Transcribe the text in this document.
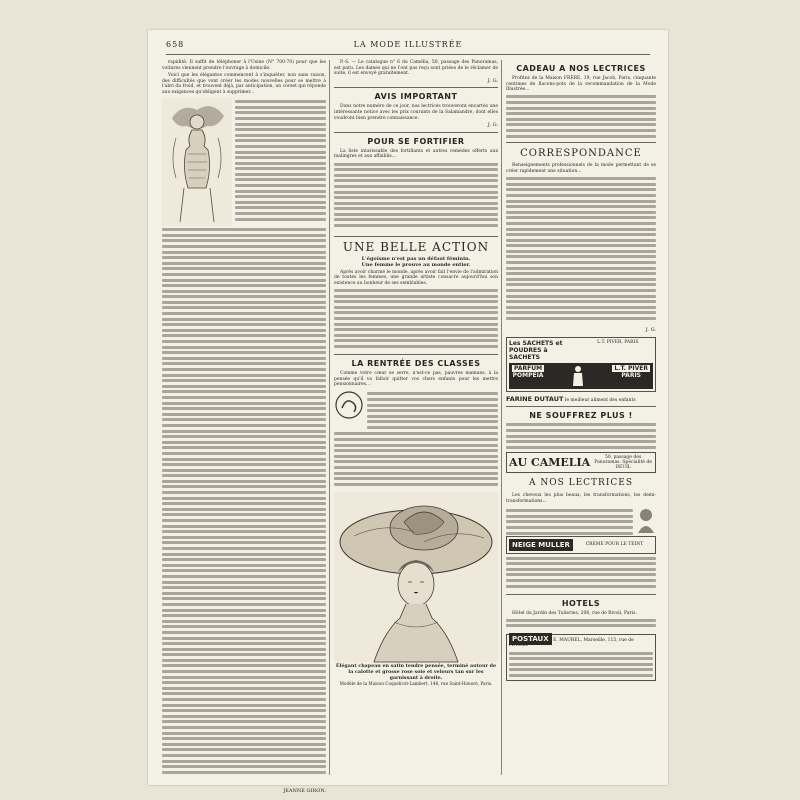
658	LA MODE ILLUSTRÉE

rapidité. Il suffit de téléphoner à l'Usine (N° 700-70) pour que les voitures viennent prendre l'ouvrage à domicile.

Voici que les élégantes commencent à s'inquiéter, non sans raison, des difficultés que vont créer les modes nouvelles pour se mettre à l'abri du froid, et trouvent déjà, par anticipation, un corset qui réponde aux exigences qu'obligent à supprimer...

JEANNE GIRON.

P.-S. — Le catalogue n° 6 du Camélia, 50, passage des Panoramas, est paru. Les dames qui ne l'ont pas reçu sont priées de le réclamer de suite, il est envoyé gratuitement.

J. G.
AVIS IMPORTANT

Dans notre numéro de ce jour, nos lectrices trouveront encartés une intéressante notice avec les prix courants de la Salamandre, dont elles voudront bien prendre connaissance.

J. G.
POUR SE FORTIFIER

La liste intarissable des fortifiants et autres remèdes offerts aux malingres et aux affaiblis...

UNE BELLE ACTION
L'égoïsme n'est pas un défaut féminin.
Une femme le prouve au monde entier.

Après avoir charmé le monde, après avoir fait l'envie de l'admiration de toutes les femmes, une grande artiste consacre aujourd'hui son existence au bonheur de ses semblables.

LA RENTRÉE DES CLASSES

Comme votre cœur se serre, n'est-ce pas, pauvres mamans, à la pensée qu'il va falloir quitter vos chers enfants pour les mettre pensionnaires...

Élégant chapeau en satin tendre pensée, terminé autour de la calotte et grosse rose soie et velours tan sur les garnissant à droite.
Modèle de la Maison Coquelicot-Lambert, 148, rue Saint-Honoré, Paris.
CADEAU A NOS LECTRICES

Profitez de la Maison FRÈRE, 19, rue Jacob, Paris, cinquante centimes de flacons-pots de la recommandation de la Mode Illustrée...

CORRESPONDANCE

Renseignements professionnels de la mode permettant de se créer rapidement une situation...

J. G.
Les SACHETS et POUDRES à SACHETS
L.T. PIVER, PARIS
PARFUM
POMPEIA
L.T. PIVER
PARIS
FARINE DUTAUT le meilleur aliment des enfants
NE SOUFFREZ PLUS !
AU CAMELIA	50, passage des Panoramas. Spécialité de DEUIL
A NOS LECTRICES

Les cheveux les plus beaux, les transformations, les demi-transformations...

NEIGE MULLER	CRÈME POUR LE TEINT
HOTELS

Hôtel du Jardin des Tuileries, 206, rue de Rivoli, Paris.

POSTAUX E. MAUREL, Marseille, 115, rue de l'Evêché
